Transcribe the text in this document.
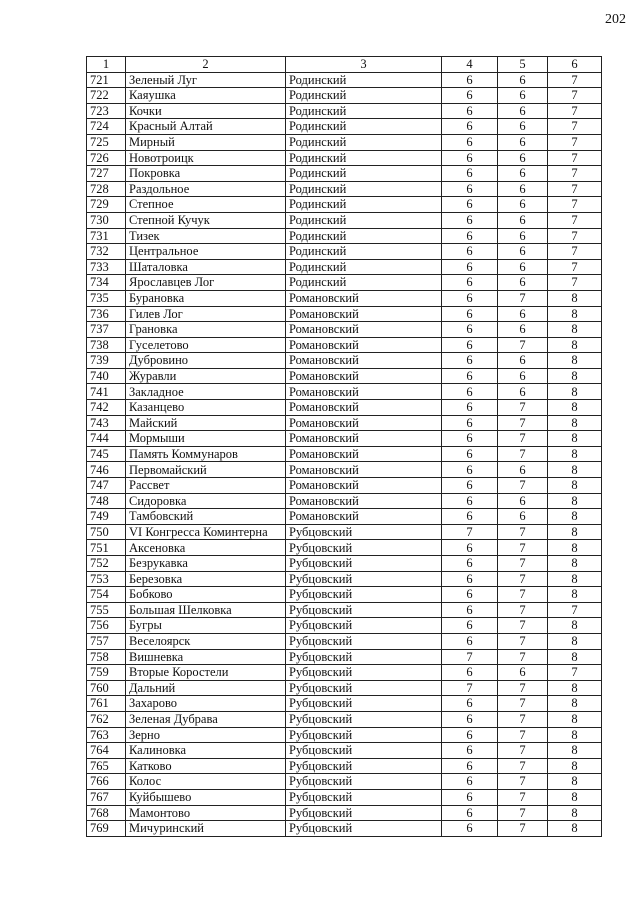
202
1	2	3	4	5	6
721	Зеленый Луг	Родинский	6	6	7
722	Каяушка	Родинский	6	6	7
723	Кочки	Родинский	6	6	7
724	Красный Алтай	Родинский	6	6	7
725	Мирный	Родинский	6	6	7
726	Новотроицк	Родинский	6	6	7
727	Покровка	Родинский	6	6	7
728	Раздольное	Родинский	6	6	7
729	Степное	Родинский	6	6	7
730	Степной Кучук	Родинский	6	6	7
731	Тизек	Родинский	6	6	7
732	Центральное	Родинский	6	6	7
733	Шаталовка	Родинский	6	6	7
734	Ярославцев Лог	Родинский	6	6	7
735	Бурановка	Романовский	6	7	8
736	Гилев Лог	Романовский	6	6	8
737	Грановка	Романовский	6	6	8
738	Гуселетово	Романовский	6	7	8
739	Дубровино	Романовский	6	6	8
740	Журавли	Романовский	6	6	8
741	Закладное	Романовский	6	6	8
742	Казанцево	Романовский	6	7	8
743	Майский	Романовский	6	7	8
744	Мормыши	Романовский	6	7	8
745	Память Коммунаров	Романовский	6	7	8
746	Первомайский	Романовский	6	6	8
747	Рассвет	Романовский	6	7	8
748	Сидоровка	Романовский	6	6	8
749	Тамбовский	Романовский	6	6	8
750	VI Конгресса Коминтерна	Рубцовский	7	7	8
751	Аксеновка	Рубцовский	6	7	8
752	Безрукавка	Рубцовский	6	7	8
753	Березовка	Рубцовский	6	7	8
754	Бобково	Рубцовский	6	7	8
755	Большая Шелковка	Рубцовский	6	7	7
756	Бугры	Рубцовский	6	7	8
757	Веселоярск	Рубцовский	6	7	8
758	Вишневка	Рубцовский	7	7	8
759	Вторые Коростели	Рубцовский	6	6	7
760	Дальний	Рубцовский	7	7	8
761	Захарово	Рубцовский	6	7	8
762	Зеленая Дубрава	Рубцовский	6	7	8
763	Зерно	Рубцовский	6	7	8
764	Калиновка	Рубцовский	6	7	8
765	Катково	Рубцовский	6	7	8
766	Колос	Рубцовский	6	7	8
767	Куйбышево	Рубцовский	6	7	8
768	Мамонтово	Рубцовский	6	7	8
769	Мичуринский	Рубцовский	6	7	8
